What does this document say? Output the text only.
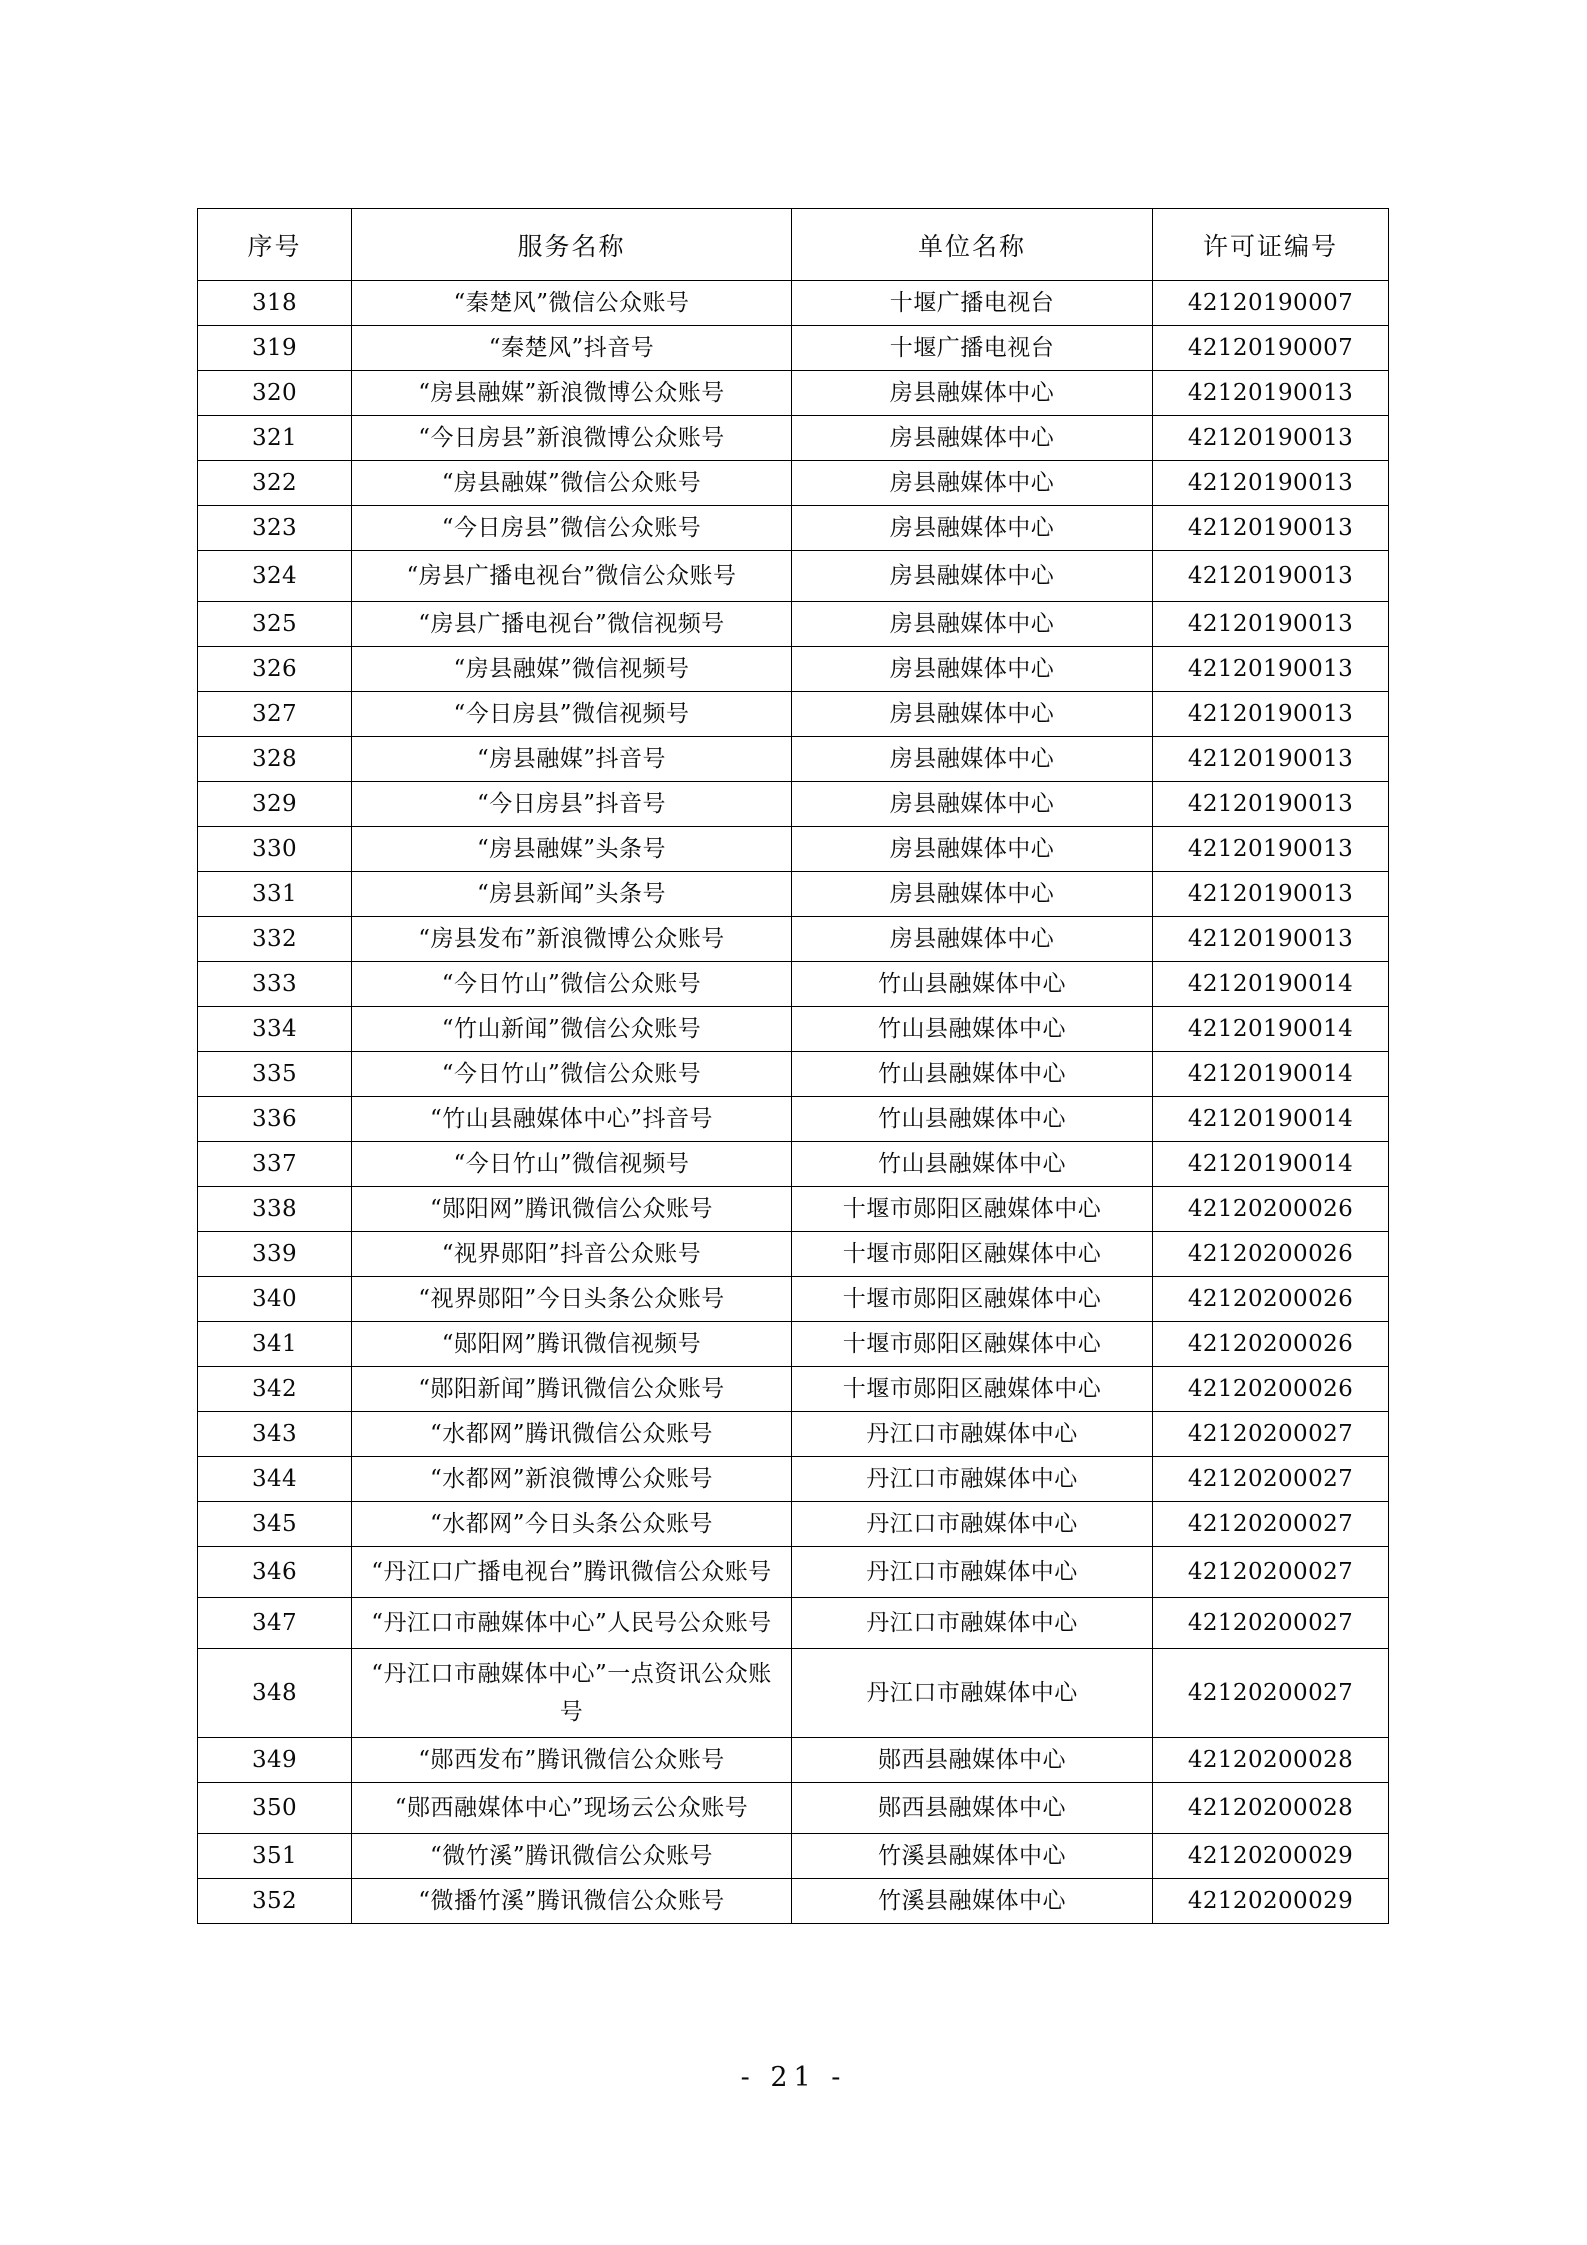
序号	服务名称	单位名称	许可证编号
318	“秦楚风”微信公众账号	十堰广播电视台	42120190007
319	“秦楚风”抖音号	十堰广播电视台	42120190007
320	“房县融媒”新浪微博公众账号	房县融媒体中心	42120190013
321	“今日房县”新浪微博公众账号	房县融媒体中心	42120190013
322	“房县融媒”微信公众账号	房县融媒体中心	42120190013
323	“今日房县”微信公众账号	房县融媒体中心	42120190013
324	“房县广播电视台”微信公众账号	房县融媒体中心	42120190013
325	“房县广播电视台”微信视频号	房县融媒体中心	42120190013
326	“房县融媒”微信视频号	房县融媒体中心	42120190013
327	“今日房县”微信视频号	房县融媒体中心	42120190013
328	“房县融媒”抖音号	房县融媒体中心	42120190013
329	“今日房县”抖音号	房县融媒体中心	42120190013
330	“房县融媒”头条号	房县融媒体中心	42120190013
331	“房县新闻”头条号	房县融媒体中心	42120190013
332	“房县发布”新浪微博公众账号	房县融媒体中心	42120190013
333	“今日竹山”微信公众账号	竹山县融媒体中心	42120190014
334	“竹山新闻”微信公众账号	竹山县融媒体中心	42120190014
335	“今日竹山”微信公众账号	竹山县融媒体中心	42120190014
336	“竹山县融媒体中心”抖音号	竹山县融媒体中心	42120190014
337	“今日竹山”微信视频号	竹山县融媒体中心	42120190014
338	“郧阳网”腾讯微信公众账号	十堰市郧阳区融媒体中心	42120200026
339	“视界郧阳”抖音公众账号	十堰市郧阳区融媒体中心	42120200026
340	“视界郧阳”今日头条公众账号	十堰市郧阳区融媒体中心	42120200026
341	“郧阳网”腾讯微信视频号	十堰市郧阳区融媒体中心	42120200026
342	“郧阳新闻”腾讯微信公众账号	十堰市郧阳区融媒体中心	42120200026
343	“水都网”腾讯微信公众账号	丹江口市融媒体中心	42120200027
344	“水都网”新浪微博公众账号	丹江口市融媒体中心	42120200027
345	“水都网”今日头条公众账号	丹江口市融媒体中心	42120200027
346	“丹江口广播电视台”腾讯微信公众账号	丹江口市融媒体中心	42120200027
347	“丹江口市融媒体中心”人民号公众账号	丹江口市融媒体中心	42120200027
348	“丹江口市融媒体中心”一点资讯公众账号	丹江口市融媒体中心	42120200027
349	“郧西发布”腾讯微信公众账号	郧西县融媒体中心	42120200028
350	“郧西融媒体中心”现场云公众账号	郧西县融媒体中心	42120200028
351	“微竹溪”腾讯微信公众账号	竹溪县融媒体中心	42120200029
352	“微播竹溪”腾讯微信公众账号	竹溪县融媒体中心	42120200029
- 21 -
